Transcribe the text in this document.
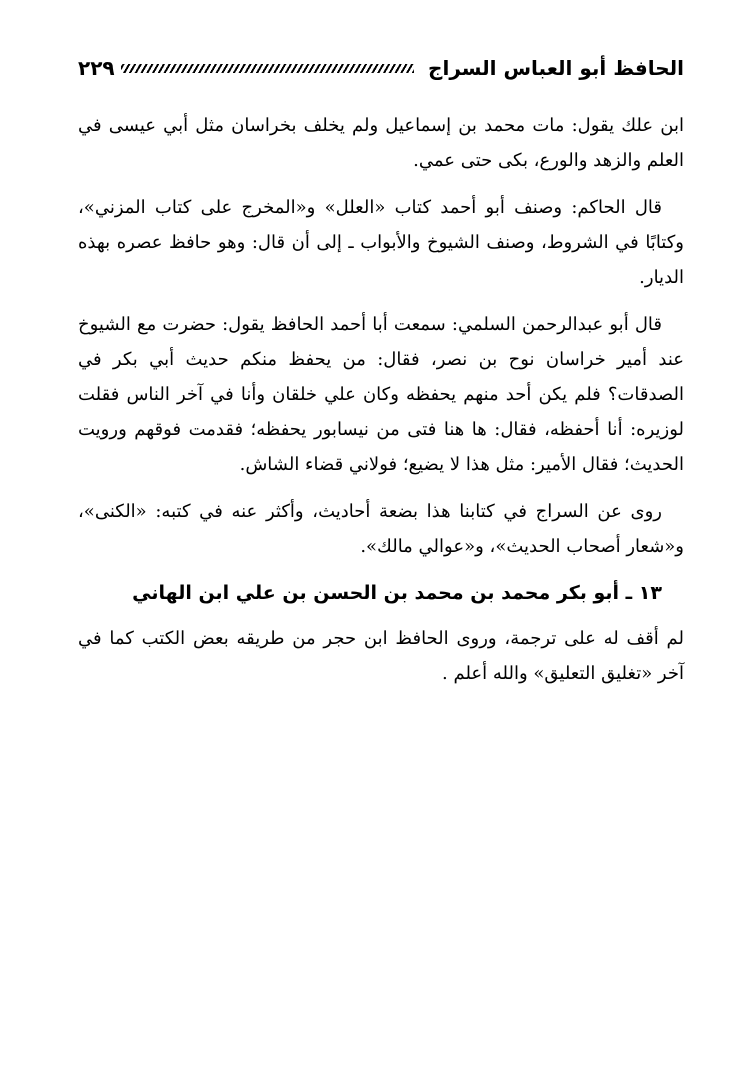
الحافظ أبو العباس السراج
٢٢٩

ابن علك يقول: مات محمد بن إسماعيل ولم يخلف بخراسان مثل أبي عيسى في العلم والزهد والورع، بكى حتى عمي.

قال الحاكم: وصنف أبو أحمد كتاب «العلل» و«المخرج على كتاب المزني»، وكتابًا في الشروط، وصنف الشيوخ والأبواب ـ إلى أن قال: وهو حافظ عصره بهذه الديار.

قال أبو عبدالرحمن السلمي: سمعت أبا أحمد الحافظ يقول: حضرت مع الشيوخ عند أمير خراسان نوح بن نصر، فقال: من يحفظ منكم حديث أبي بكر في الصدقات؟ فلم يكن أحد منهم يحفظه وكان علي خلقان وأنا في آخر الناس فقلت لوزيره: أنا أحفظه، فقال: ها هنا فتى من نيسابور يحفظه؛ فقدمت فوقهم ورويت الحديث؛ فقال الأمير: مثل هذا لا يضيع؛ فولاني قضاء الشاش.

روى عن السراج في كتابنا هذا بضعة أحاديث، وأكثر عنه في كتبه: «الكنى»، و«شعار أصحاب الحديث»، و«عوالي مالك».

١٣ ـ أبو بكر محمد بن محمد بن الحسن بن علي ابن الهاني

لم أقف له على ترجمة، وروى الحافظ ابن حجر من طريقه بعض الكتب كما في آخر «تغليق التعليق» والله أعلم .
